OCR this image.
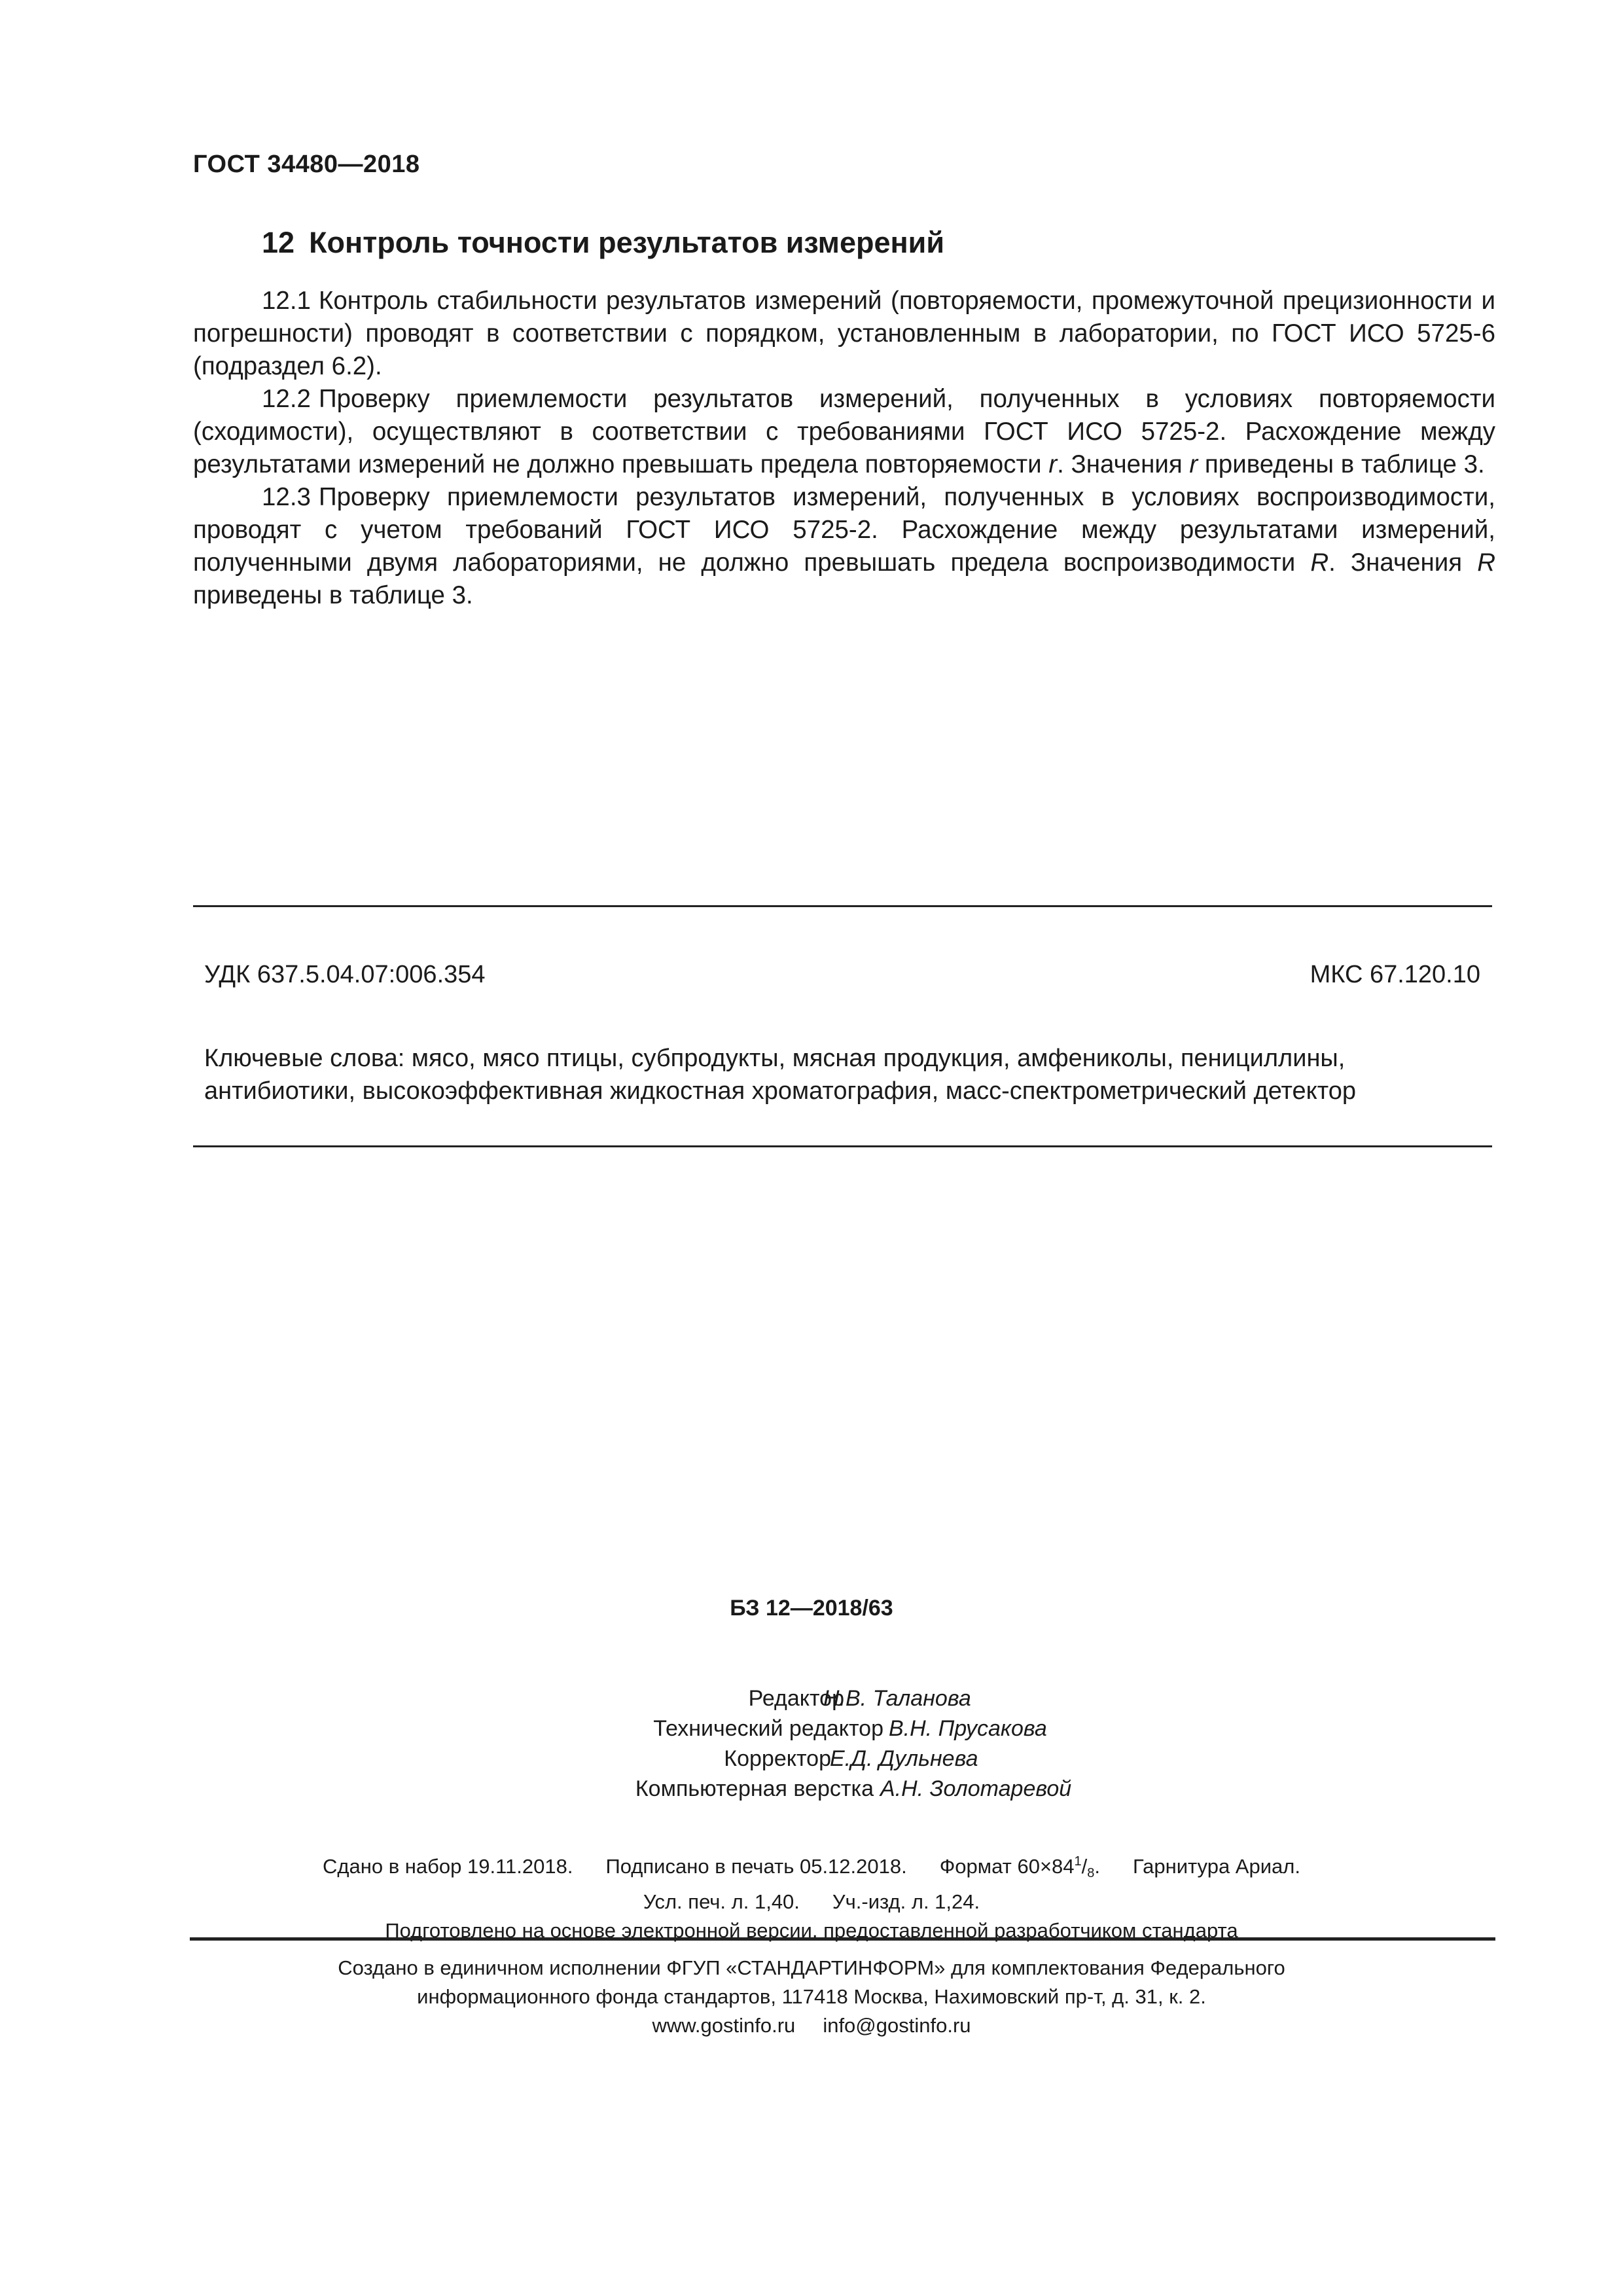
ГОСТ 34480—2018
12 Контроль точности результатов измерений

12.1 Контроль стабильности результатов измерений (повторяемости, промежуточной прецизионности и погрешности) проводят в соответствии с порядком, установленным в лаборатории, по ГОСТ ИСО 5725-6 (подраздел 6.2).

12.2 Проверку приемлемости результатов измерений, полученных в условиях повторяемости (сходимости), осуществляют в соответствии с требованиями ГОСТ ИСО 5725-2. Расхождение между результатами измерений не должно превышать предела повторяемости r. Значения r приведены в таблице 3.

12.3 Проверку приемлемости результатов измерений, полученных в условиях воспроизводимости, проводят с учетом требований ГОСТ ИСО 5725-2. Расхождение между результатами измерений, полученными двумя лабораториями, не должно превышать предела воспроизводимости R. Значения R приведены в таблице 3.

УДК 637.5.04.07:006.354	МКС 67.120.10
Ключевые слова: мясо, мясо птицы, субпродукты, мясная продукция, амфениколы, пенициллины, антибиотики, высокоэффективная жидкостная хроматография, масс-спектрометрический детектор
БЗ 12—2018/63
Редактор
Н.В. Таланова
Технический редактор В.Н. Прусакова
Корректор
Е.Д. Дульнева
Компьютерная верстка А.Н. Золотаревой
Сдано в набор 19.11.2018. Подписано в печать 05.12.2018. Формат $60\times 84^1/_8$. Гарнитура Ариал.
Усл. печ. л. 1,40. Уч.-изд. л. 1,24.
Подготовлено на основе электронной версии, предоставленной разработчиком стандарта
Создано в единичном исполнении ФГУП «СТАНДАРТИНФОРМ» для комплектования Федерального
информационного фонда стандартов, 117418 Москва, Нахимовский пр-т, д. 31, к. 2.
www.gostinfo.ru info@gostinfo.ru
